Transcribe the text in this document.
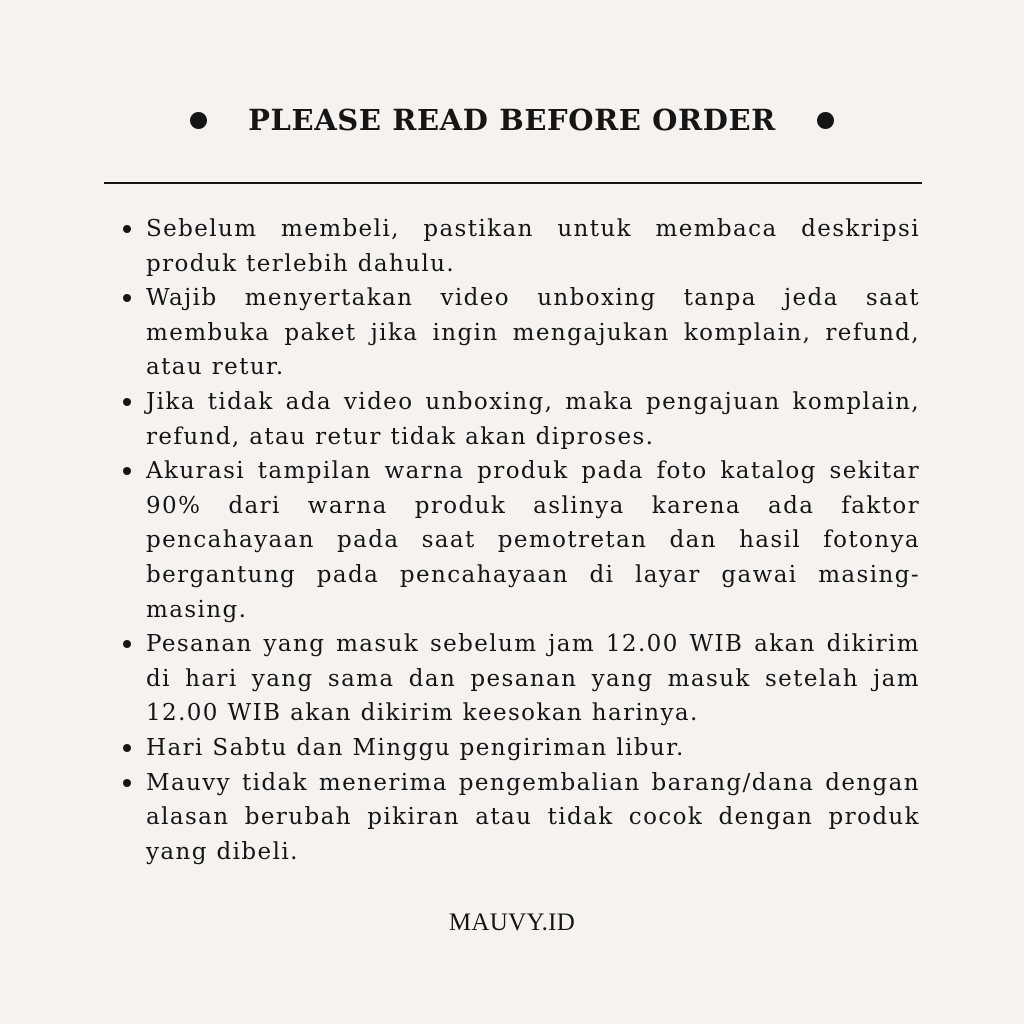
PLEASE READ BEFORE ORDER
Sebelum membeli, pastikan untuk membaca deskripsi produk terlebih dahulu.
Wajib menyertakan video unboxing tanpa jeda saat membuka paket jika ingin mengajukan komplain, refund, atau retur.
Jika tidak ada video unboxing, maka pengajuan komplain, refund, atau retur tidak akan diproses.
Akurasi tampilan warna produk pada foto katalog sekitar 90% dari warna produk aslinya karena ada faktor pencahayaan pada saat pemotretan dan hasil fotonya bergantung pada pencahayaan di layar gawai masing-masing.
Pesanan yang masuk sebelum jam 12.00 WIB akan dikirim di hari yang sama dan pesanan yang masuk setelah jam 12.00 WIB akan dikirim keesokan harinya.
Hari Sabtu dan Minggu pengiriman libur.
Mauvy tidak menerima pengembalian barang/dana dengan alasan berubah pikiran atau tidak cocok dengan produk yang dibeli.
MAUVY.ID
